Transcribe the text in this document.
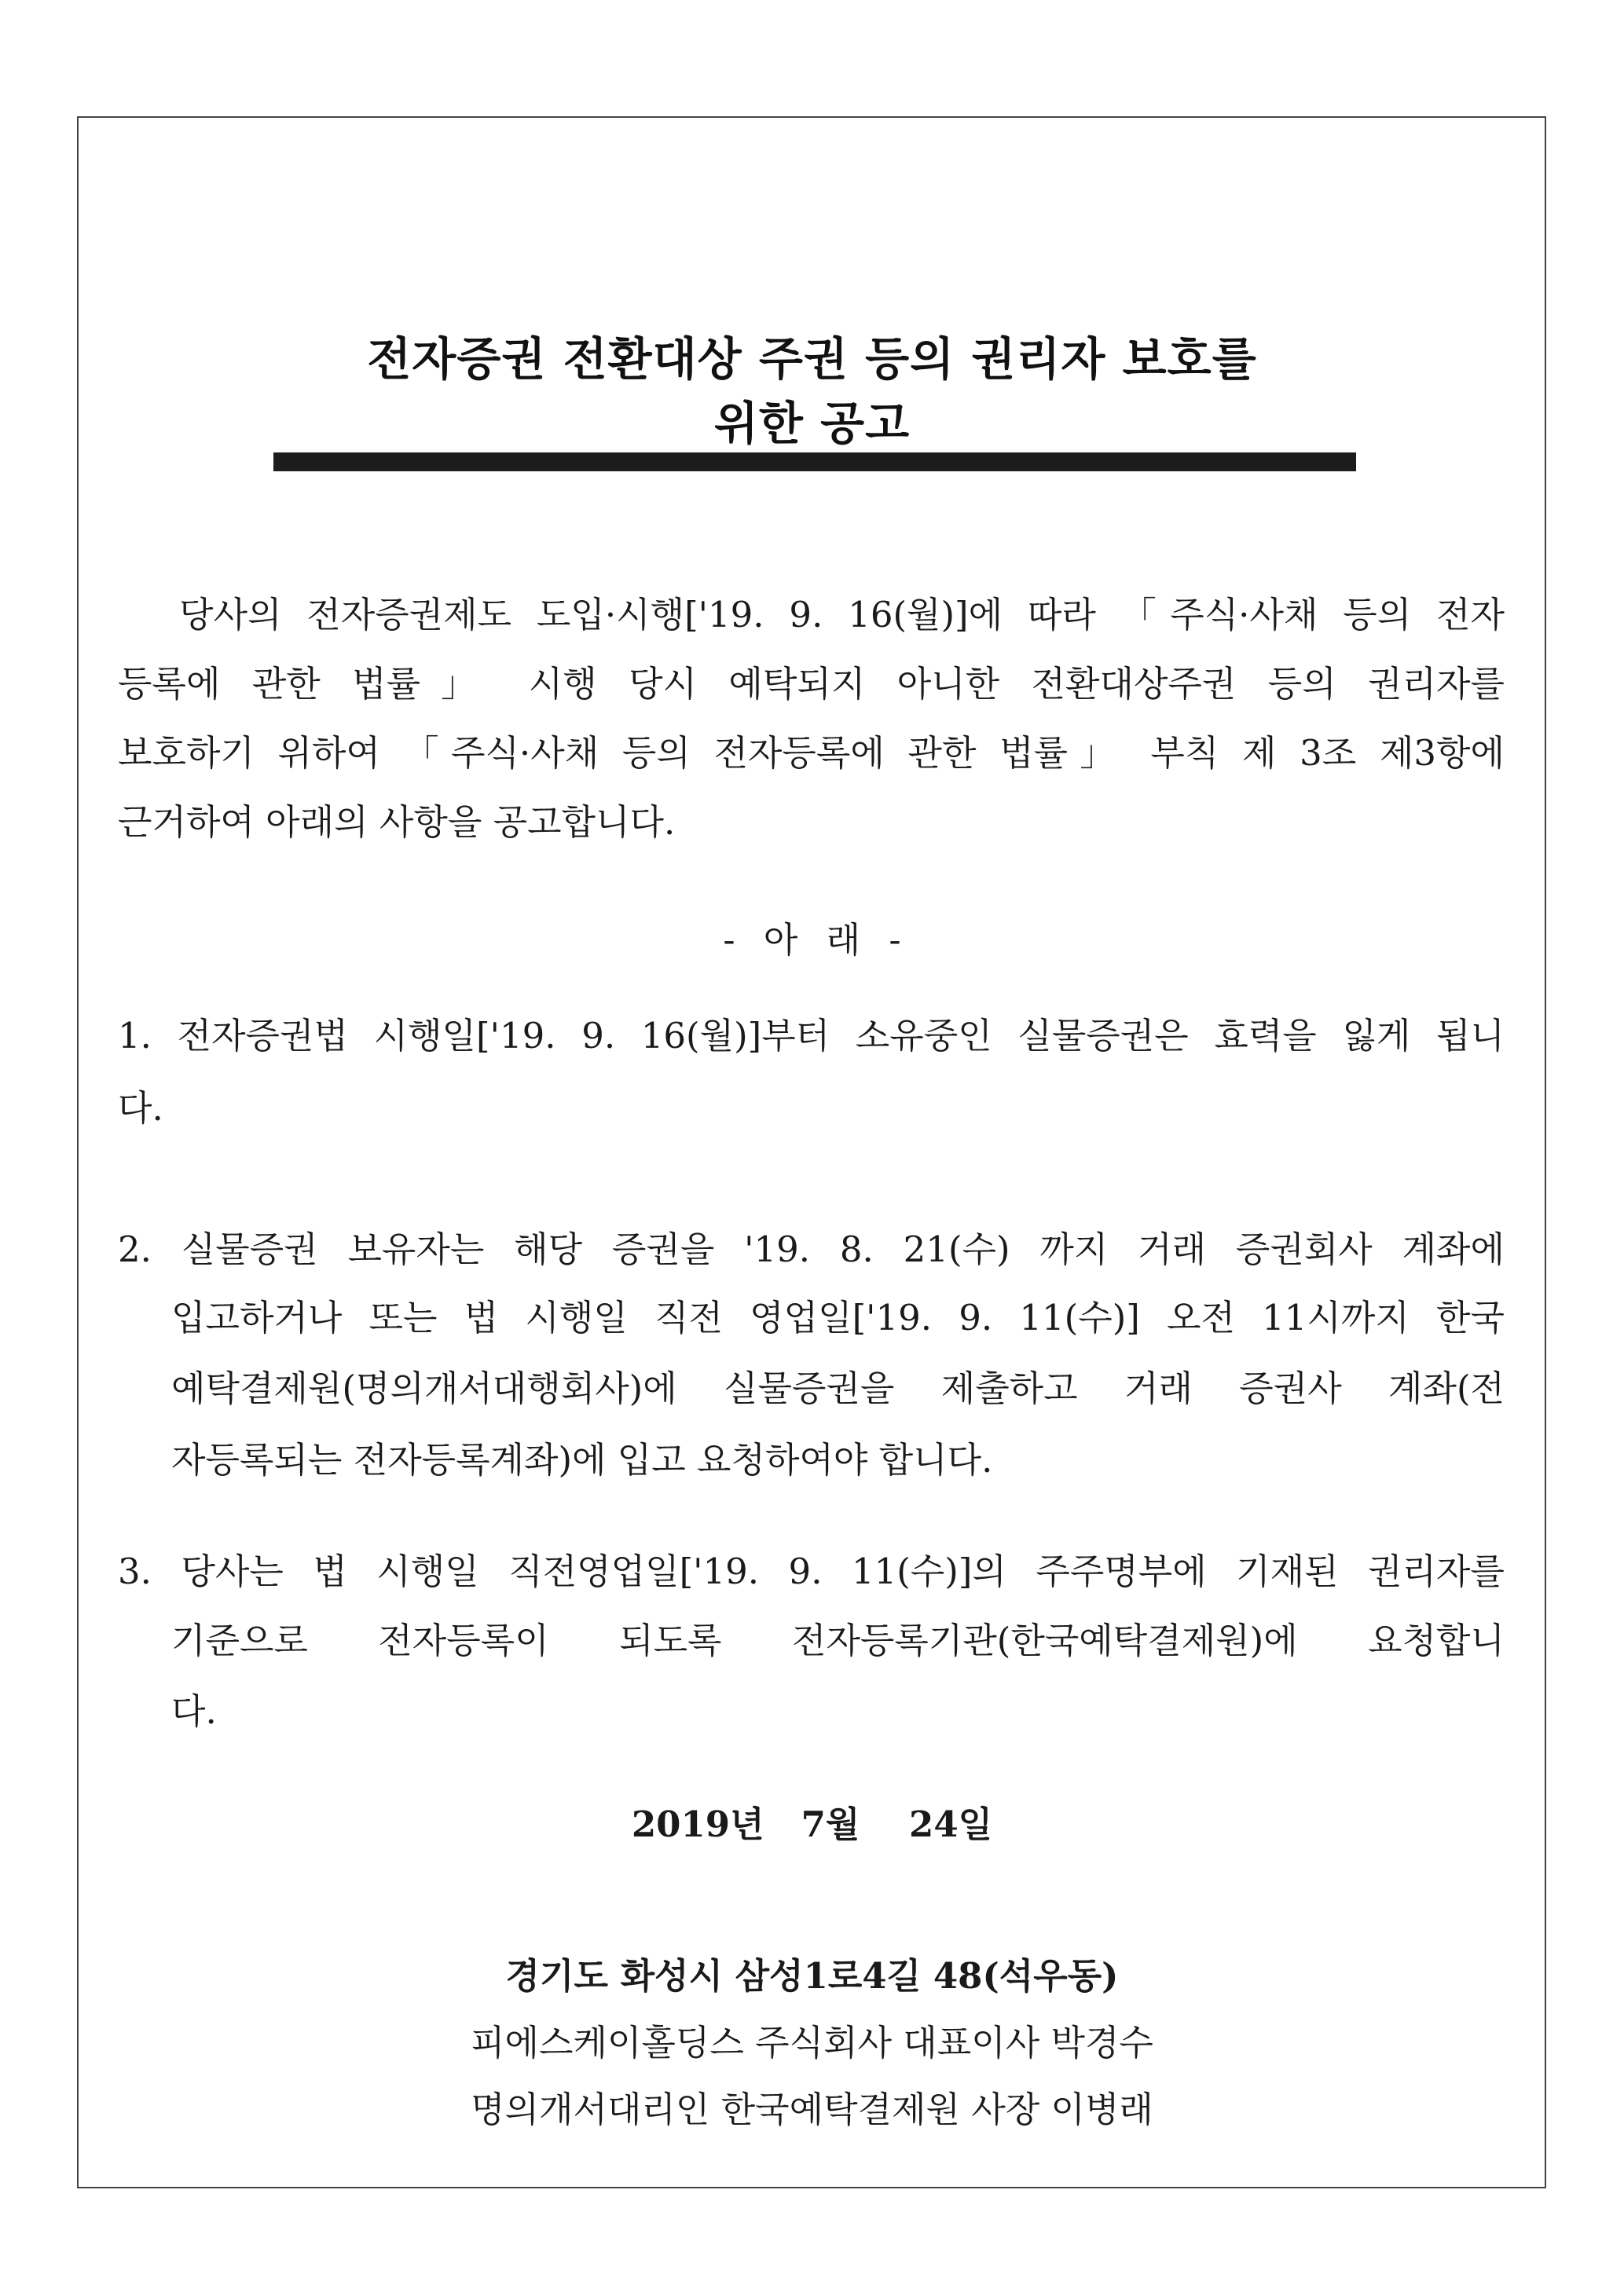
전자증권 전환대상 주권 등의 권리자 보호를
위한 공고
당사의 전자증권제도 도입·시행['19. 9. 16(월)]에 따라 「주식·사채 등의 전자
등록에 관한 법률」 시행 당시 예탁되지 아니한 전환대상주권 등의 권리자를
보호하기 위하여 「주식·사채 등의 전자등록에 관한 법률」 부칙 제 3조 제3항에
근거하여 아래의 사항을 공고합니다.
- 아 래 -
1. 전자증권법 시행일['19. 9. 16(월)]부터 소유중인 실물증권은 효력을 잃게 됩니
다.
2. 실물증권 보유자는 해당 증권을 '19. 8. 21(수) 까지 거래 증권회사 계좌에
입고하거나 또는 법 시행일 직전 영업일['19. 9. 11(수)] 오전 11시까지 한국
예탁결제원(명의개서대행회사)에 실물증권을 제출하고 거래 증권사 계좌(전
자등록되는 전자등록계좌)에 입고 요청하여야 합니다.
3. 당사는 법 시행일 직전영업일['19. 9. 11(수)]의 주주명부에 기재된 권리자를
기준으로 전자등록이 되도록 전자등록기관(한국예탁결제원)에 요청합니
다.
2019년   7월    24일
경기도 화성시 삼성1로4길 48(석우동)
피에스케이홀딩스 주식회사 대표이사 박경수
명의개서대리인 한국예탁결제원 사장 이병래
